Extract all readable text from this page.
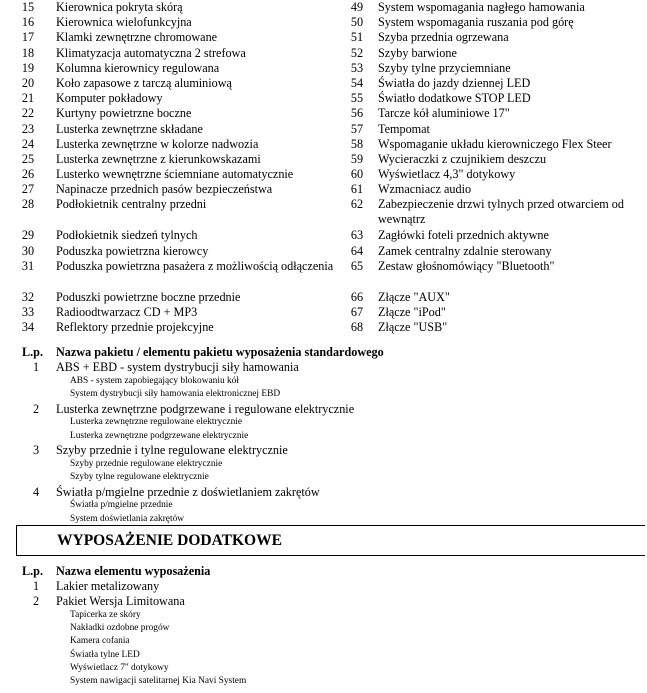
15	Kierownica pokryta skórą	49	System wspomagania nagłego hamowania
16	Kierownica wielofunkcyjna	50	System wspomagania ruszania pod górę
17	Klamki zewnętrzne chromowane	51	Szyba przednia ogrzewana
18	Klimatyzacja automatyczna 2 strefowa	52	Szyby barwione
19	Kolumna kierownicy regulowana	53	Szyby tylne przyciemniane
20	Koło zapasowe z tarczą aluminiową	54	Światła do jazdy dziennej LED
21	Komputer pokładowy	55	Światło dodatkowe STOP LED
22	Kurtyny powietrzne boczne	56	Tarcze kół aluminiowe 17"
23	Lusterka zewnętrzne składane	57	Tempomat
24	Lusterka zewnętrzne w kolorze nadwozia	58	Wspomaganie układu kierowniczego Flex Steer
25	Lusterka zewnętrzne z kierunkowskazami	59	Wycieraczki z czujnikiem deszczu
26	Lusterko wewnętrzne ściemniane automatycznie	60	Wyświetlacz 4,3" dotykowy
27	Napinacze przednich pasów bezpieczeństwa	61	Wzmacniacz audio
28	Podłokietnik centralny przedni	62	Zabezpieczenie drzwi tylnych przed otwarciem od wewnątrz
29	Podłokietnik siedzeń tylnych	63	Zagłówki foteli przednich aktywne
30	Poduszka powietrzna kierowcy	64	Zamek centralny zdalnie sterowany
31	Poduszka powietrzna pasażera z możliwością odłączenia	65	Zestaw głośnomówiący "Bluetooth"
32	Poduszki powietrzne boczne przednie	66	Złącze "AUX"
33	Radioodtwarzacz CD + MP3	67	Złącze "iPod"
34	Reflektory przednie projekcyjne	68	Złącze "USB"
L.p. Nazwa pakietu / elementu pakietu wyposażenia standardowego
1	ABS + EBD - system dystrybucji siły hamowania
ABS - system zapobiegający blokowaniu kół
System dystrybucji siły hamowania elektronicznej EBD
2	Lusterka zewnętrzne podgrzewane i regulowane elektrycznie
Lusterka zewnętrzne regulowane elektrycznie
Lusterka zewnętrzne podgrzewane elektrycznie
3	Szyby przednie i tylne regulowane elektrycznie
Szyby przednie regulowane elektrycznie
Szyby tylne regulowane elektrycznie
4	Światła p/mgielne przednie z doświetlaniem zakrętów
Światła p/mgielne przednie
System doświetlania zakrętów
WYPOSAŻENIE DODATKOWE
L.p. Nazwa elementu wyposażenia
1	Lakier metalizowany
2	Pakiet Wersja Limitowana
Tapicerka ze skóry
Nakładki ozdobne progów
Kamera cofania
Światła tylne LED
Wyświetlacz 7" dotykowy
System nawigacji satelitarnej Kia Navi System
